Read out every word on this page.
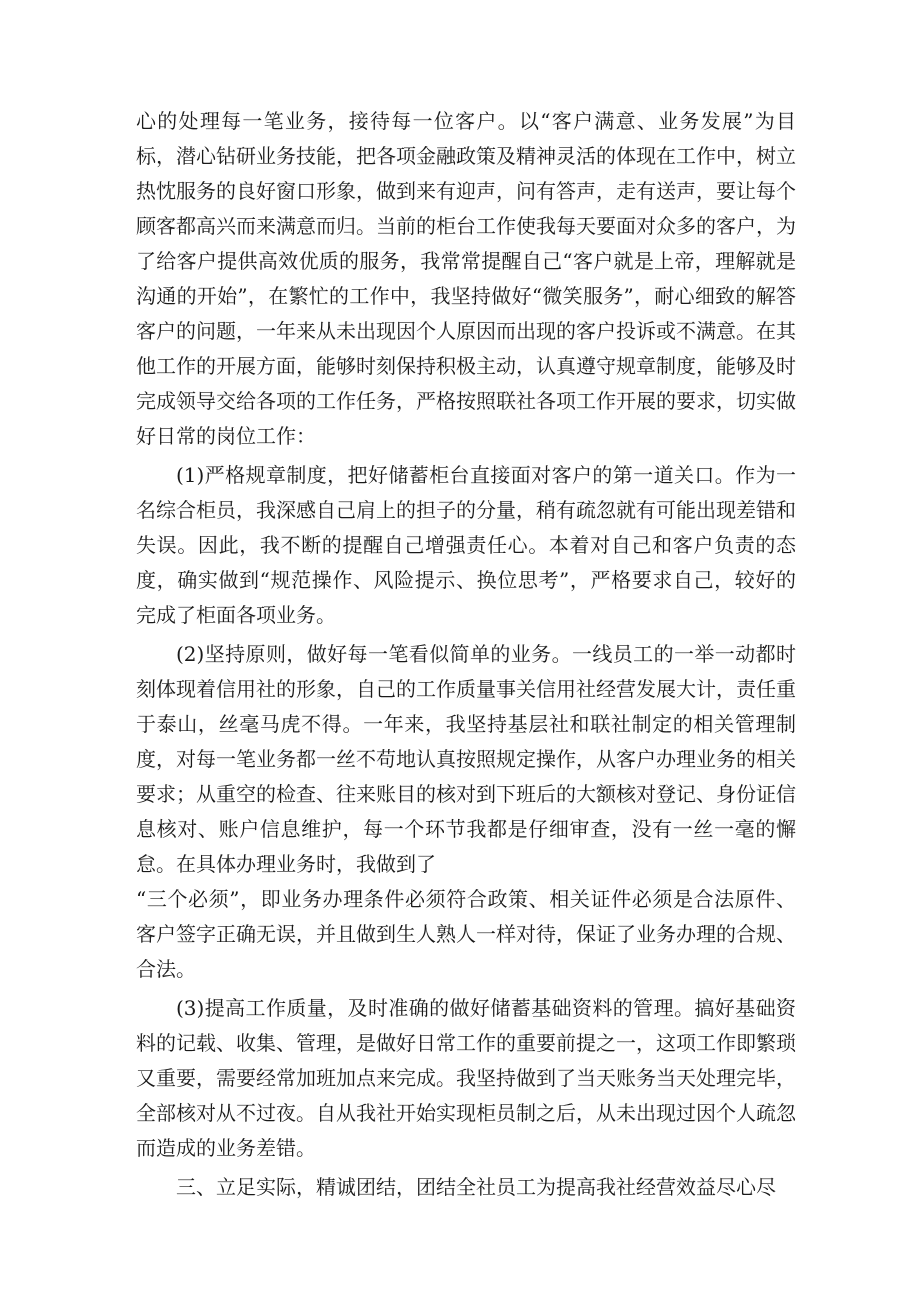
心的处理每一笔业务，接待每一位客户。以“客户满意、业务发展”为目标，潜心钻研业务技能，把各项金融政策及精神灵活的体现在工作中，树立热忱服务的良好窗口形象，做到来有迎声，问有答声，走有送声，要让每个顾客都高兴而来满意而归。当前的柜台工作使我每天要面对众多的客户，为了给客户提供高效优质的服务，我常常提醒自己“客户就是上帝，理解就是沟通的开始”，在繁忙的工作中，我坚持做好“微笑服务”，耐心细致的解答客户的问题，一年来从未出现因个人原因而出现的客户投诉或不满意。在其他工作的开展方面，能够时刻保持积极主动，认真遵守规章制度，能够及时完成领导交给各项的工作任务，严格按照联社各项工作开展的要求，切实做好日常的岗位工作：

(1)严格规章制度，把好储蓄柜台直接面对客户的第一道关口。作为一名综合柜员，我深感自己肩上的担子的分量，稍有疏忽就有可能出现差错和失误。因此，我不断的提醒自己增强责任心。本着对自己和客户负责的态度，确实做到“规范操作、风险提示、换位思考”，严格要求自己，较好的完成了柜面各项业务。

(2)坚持原则，做好每一笔看似简单的业务。一线员工的一举一动都时刻体现着信用社的形象，自己的工作质量事关信用社经营发展大计，责任重于泰山，丝毫马虎不得。一年来，我坚持基层社和联社制定的相关管理制度，对每一笔业务都一丝不苟地认真按照规定操作，从客户办理业务的相关要求；从重空的检查、往来账目的核对到下班后的大额核对登记、身份证信息核对、账户信息维护，每一个环节我都是仔细审查，没有一丝一毫的懈怠。在具体办理业务时，我做到了

“三个必须”，即业务办理条件必须符合政策、相关证件必须是合法原件、客户签字正确无误，并且做到生人熟人一样对待，保证了业务办理的合规、合法。

(3)提高工作质量，及时准确的做好储蓄基础资料的管理。搞好基础资料的记载、收集、管理，是做好日常工作的重要前提之一，这项工作即繁琐又重要，需要经常加班加点来完成。我坚持做到了当天账务当天处理完毕，全部核对从不过夜。自从我社开始实现柜员制之后，从未出现过因个人疏忽而造成的业务差错。

三、立足实际，精诚团结，团结全社员工为提高我社经营效益尽心尽
